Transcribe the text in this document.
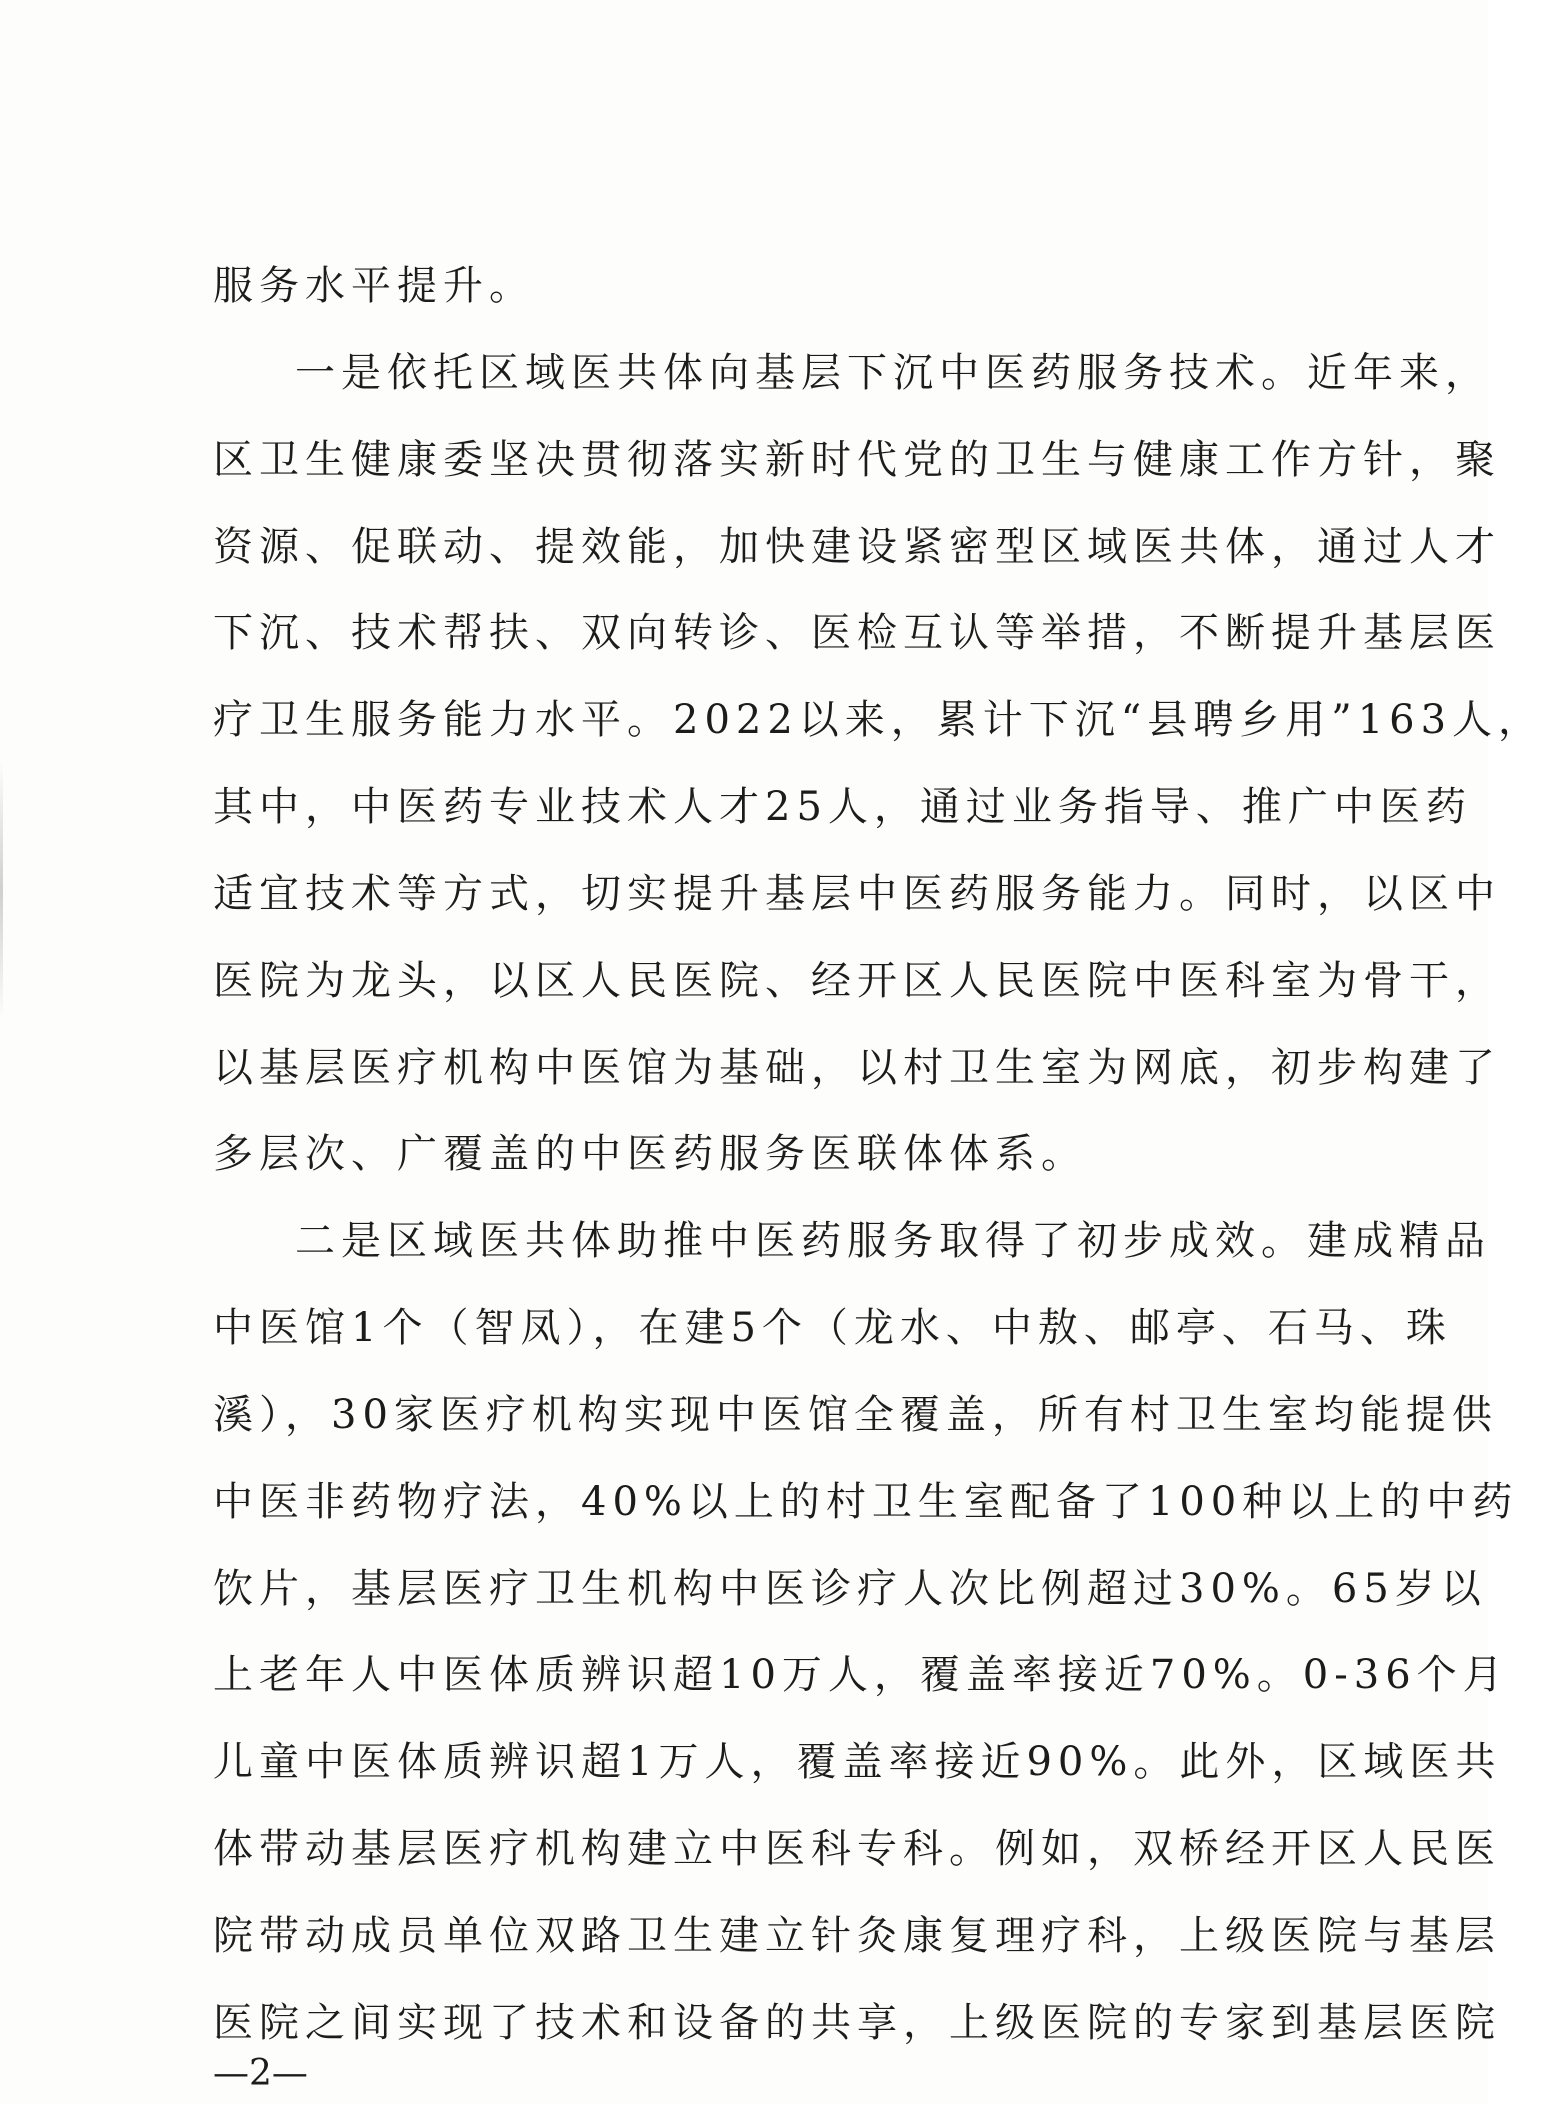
服务水平提升。

一是依托区域医共体向基层下沉中医药服务技术。近年来，

区卫生健康委坚决贯彻落实新时代党的卫生与健康工作方针，聚

资源、促联动、提效能，加快建设紧密型区域医共体，通过人才

下沉、技术帮扶、双向转诊、医检互认等举措，不断提升基层医

疗卫生服务能力水平。2022以来，累计下沉“县聘乡用”163人，

其中，中医药专业技术人才25人，通过业务指导、推广中医药

适宜技术等方式，切实提升基层中医药服务能力。同时，以区中

医院为龙头，以区人民医院、经开区人民医院中医科室为骨干，

以基层医疗机构中医馆为基础，以村卫生室为网底，初步构建了

多层次、广覆盖的中医药服务医联体体系。

二是区域医共体助推中医药服务取得了初步成效。建成精品

中医馆1个（智凤），在建5个（龙水、中敖、邮亭、石马、珠

溪），30家医疗机构实现中医馆全覆盖，所有村卫生室均能提供

中医非药物疗法，40%以上的村卫生室配备了100种以上的中药

饮片，基层医疗卫生机构中医诊疗人次比例超过30%。65岁以

上老年人中医体质辨识超10万人，覆盖率接近70%。0-36个月

儿童中医体质辨识超1万人，覆盖率接近90%。此外，区域医共

体带动基层医疗机构建立中医科专科。例如，双桥经开区人民医

院带动成员单位双路卫生建立针灸康复理疗科，上级医院与基层

医院之间实现了技术和设备的共享，上级医院的专家到基层医院

—2—
